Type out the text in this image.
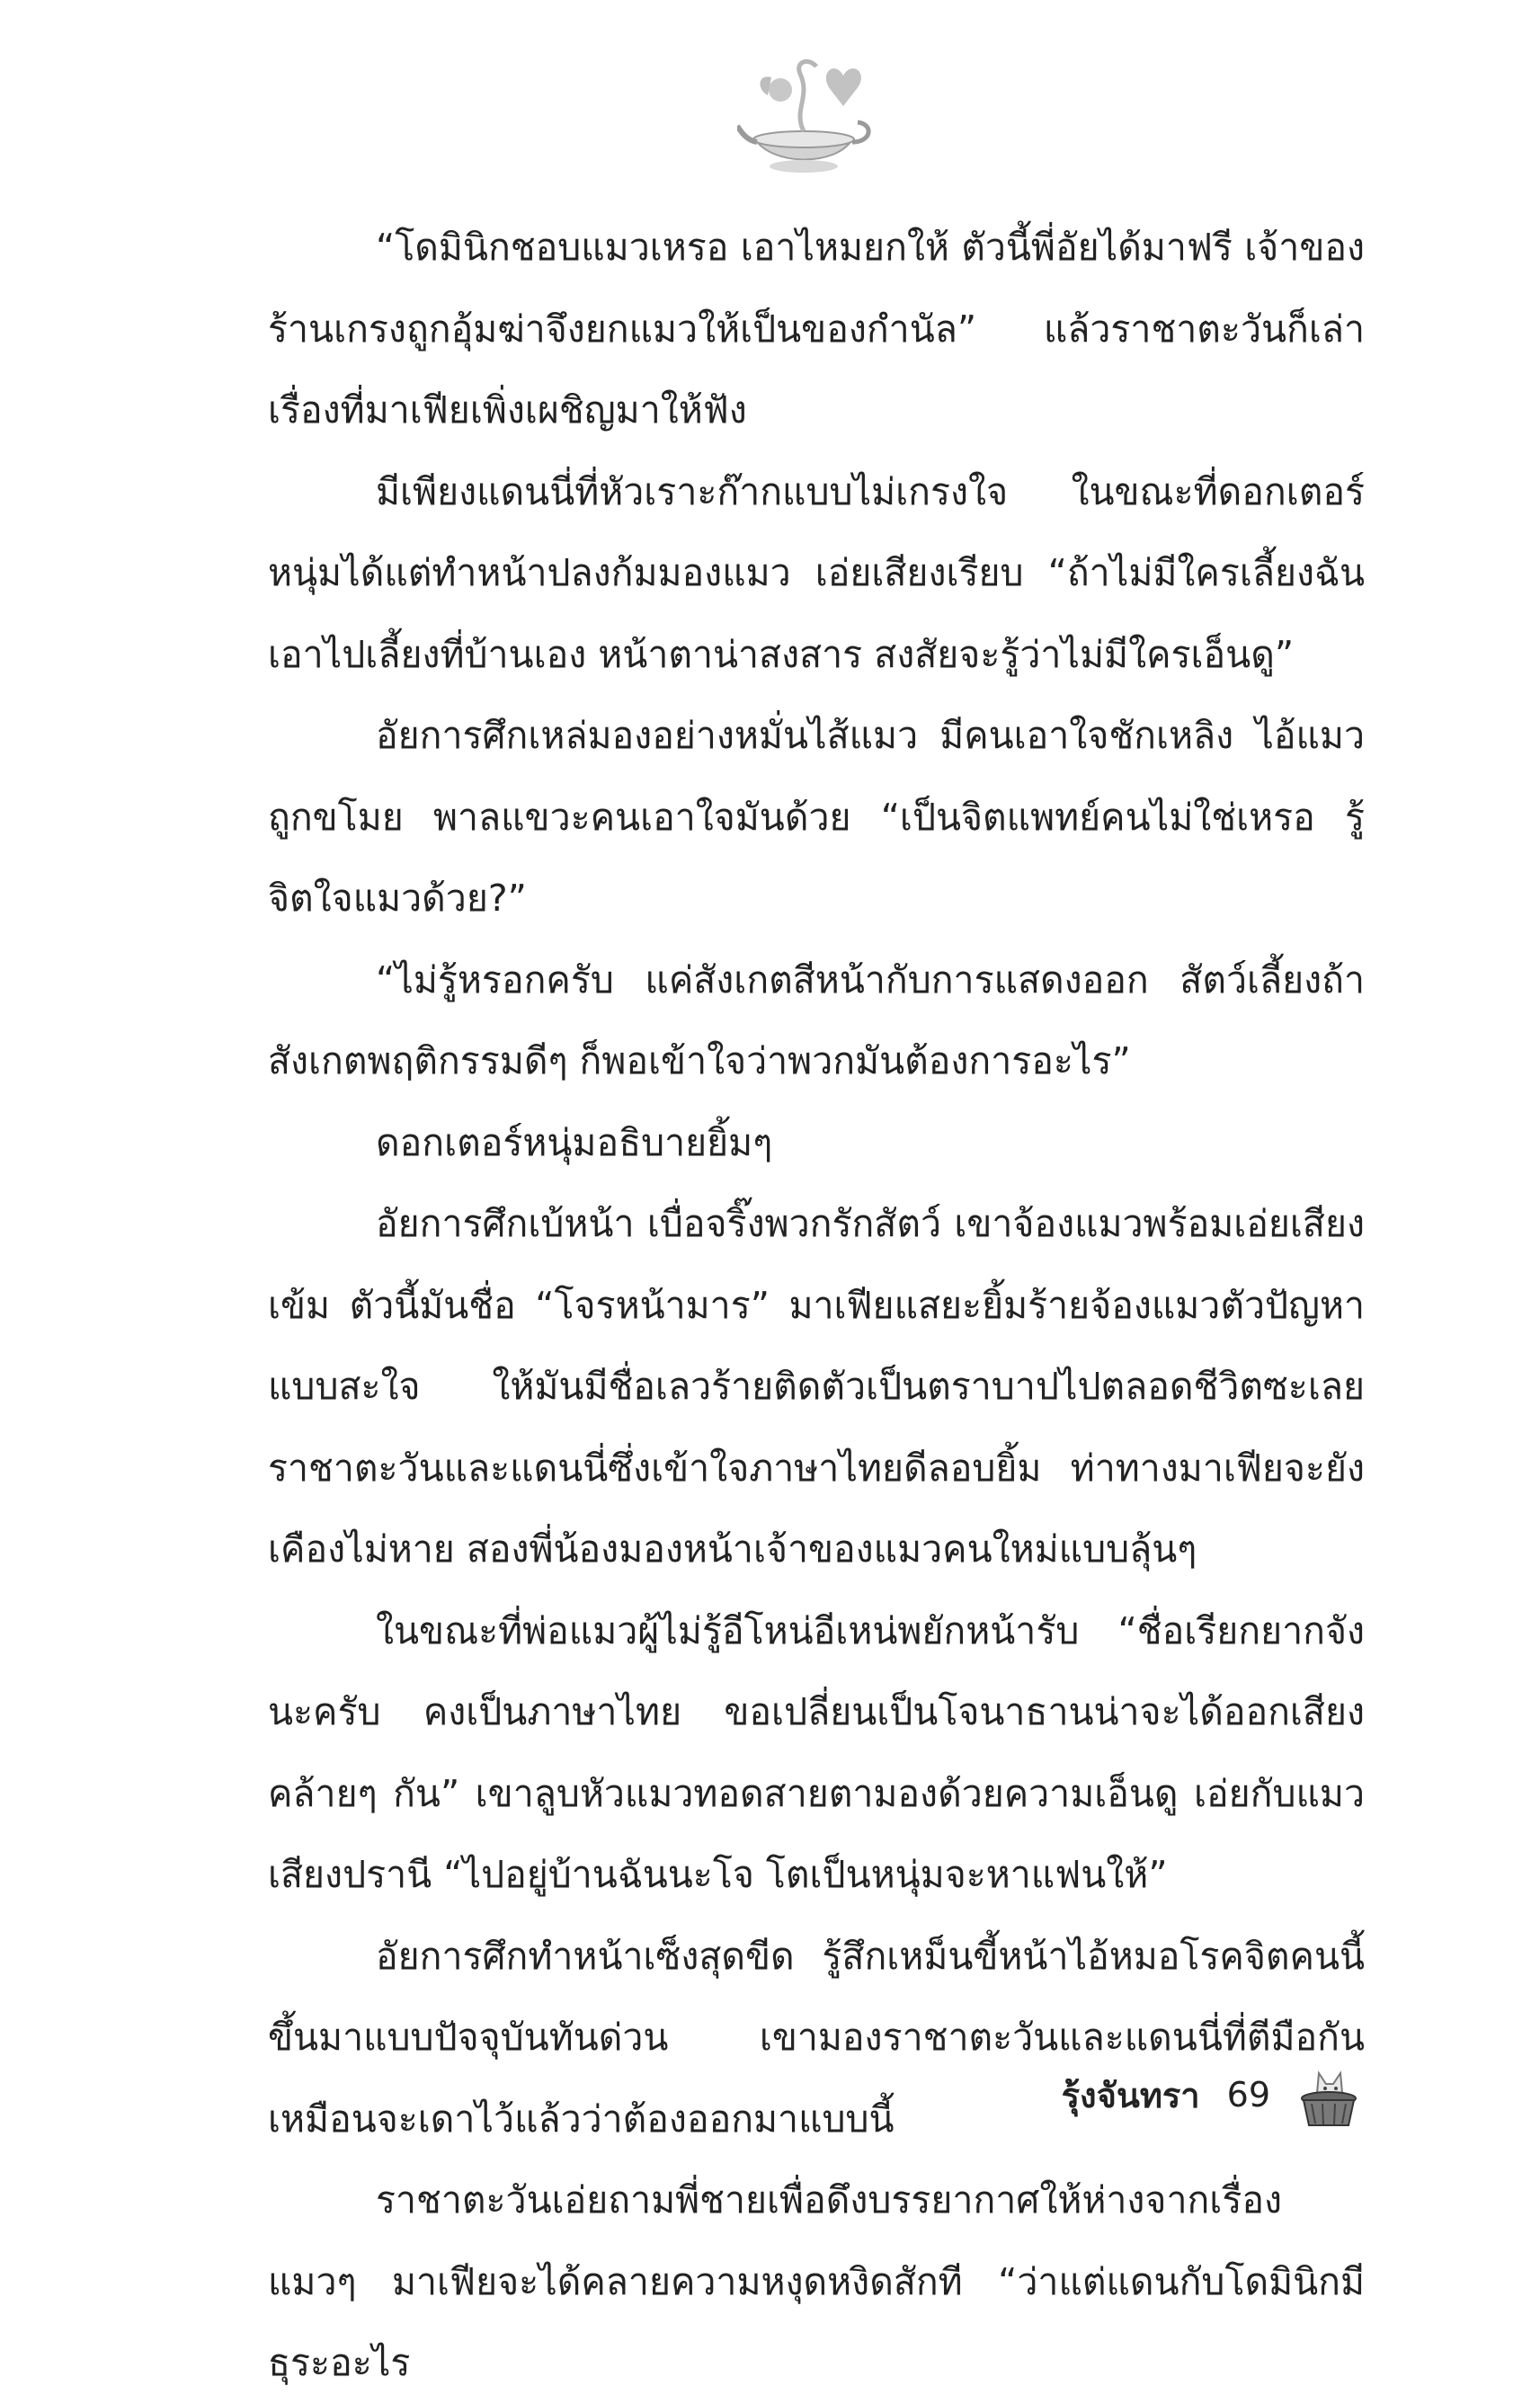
“โดมินิกชอบแมวเหรอ เอาไหมยกให้ ตัวนี้พี่อัยได้มาฟรี เจ้าของร้านเกรงถูกอุ้มฆ่าจึงยกแมวให้เป็นของกำนัล” แล้วราชาตะวันก็เล่าเรื่องที่มาเฟียเพิ่งเผชิญมาให้ฟัง

มีเพียงแดนนี่ที่หัวเราะก๊ากแบบไม่เกรงใจ ในขณะที่ดอกเตอร์หนุ่มได้แต่ทำหน้าปลงก้มมองแมว เอ่ยเสียงเรียบ “ถ้าไม่มีใครเลี้ยงฉันเอาไปเลี้ยงที่บ้านเอง หน้าตาน่าสงสาร สงสัยจะรู้ว่าไม่มีใครเอ็นดู”

อัยการศึกเหล่มองอย่างหมั่นไส้แมว มีคนเอาใจชักเหลิง ไอ้แมวถูกขโมย พาลแขวะคนเอาใจมันด้วย “เป็นจิตแพทย์คนไม่ใช่เหรอ รู้จิตใจแมวด้วย?”

“ไม่รู้หรอกครับ แค่สังเกตสีหน้ากับการแสดงออก สัตว์เลี้ยงถ้าสังเกตพฤติกรรมดีๆ ก็พอเข้าใจว่าพวกมันต้องการอะไร”

ดอกเตอร์หนุ่มอธิบายยิ้มๆ

อัยการศึกเบ้หน้า เบื่อจริ๊งพวกรักสัตว์ เขาจ้องแมวพร้อมเอ่ยเสียงเข้ม ตัวนี้มันชื่อ “โจรหน้ามาร” มาเฟียแสยะยิ้มร้ายจ้องแมวตัวปัญหาแบบสะใจ ให้มันมีชื่อเลวร้ายติดตัวเป็นตราบาปไปตลอดชีวิตซะเลย ราชาตะวันและแดนนี่ซึ่งเข้าใจภาษาไทยดีลอบยิ้ม ท่าทางมาเฟียจะยังเคืองไม่หาย สองพี่น้องมองหน้าเจ้าของแมวคนใหม่แบบลุ้นๆ

ในขณะที่พ่อแมวผู้ไม่รู้อีโหน่อีเหน่พยักหน้ารับ “ชื่อเรียกยากจังนะครับ คงเป็นภาษาไทย ขอเปลี่ยนเป็นโจนาธานน่าจะได้ออกเสียงคล้ายๆ กัน” เขาลูบหัวแมวทอดสายตามองด้วยความเอ็นดู เอ่ยกับแมวเสียงปรานี “ไปอยู่บ้านฉันนะโจ โตเป็นหนุ่มจะหาแฟนให้”

อัยการศึกทำหน้าเซ็งสุดขีด รู้สึกเหม็นขี้หน้าไอ้หมอโรคจิตคนนี้ขึ้นมาแบบปัจจุบันทันด่วน เขามองราชาตะวันและแดนนี่ที่ตีมือกันเหมือนจะเดาไว้แล้วว่าต้องออกมาแบบนี้

ราชาตะวันเอ่ยถามพี่ชายเพื่อดึงบรรยากาศให้ห่างจากเรื่องแมวๆ มาเฟียจะได้คลายความหงุดหงิดสักที “ว่าแต่แดนกับโดมินิกมีธุระอะไร

รุ้งจันทรา 69
